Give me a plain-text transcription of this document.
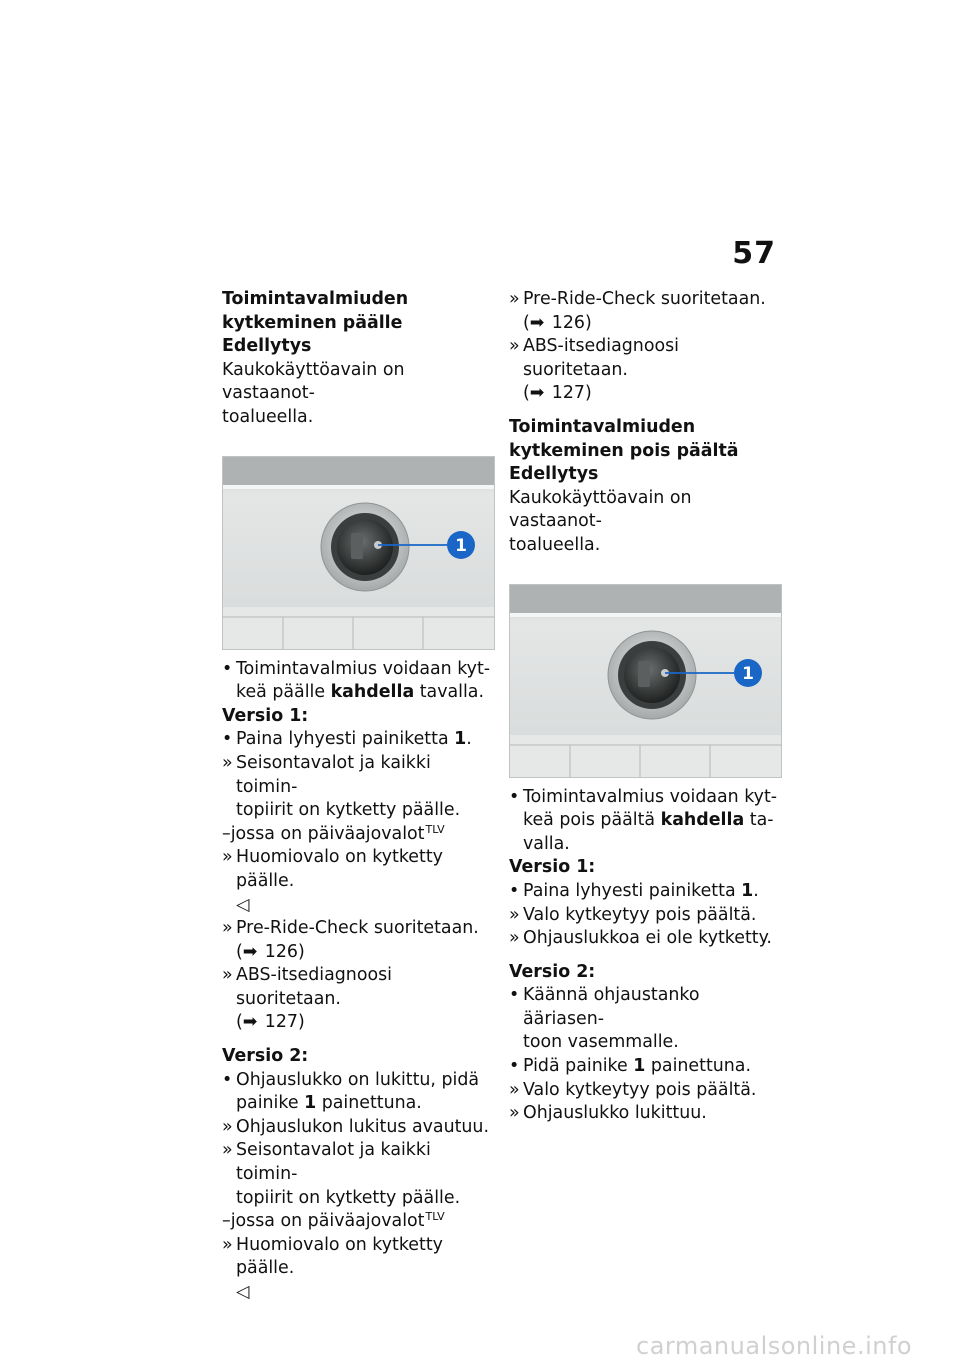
57

Toimintavalmiuden
kytkeminen päälle

Edellytys

Kaukokäyttöavain on vastaanot-
toalueella.

1

• Toimintavalmius voidaan kyt-
keä päälle kahdella tavalla.

Versio 1:

• Paina lyhyesti painiketta 1.

» Seisontavalot ja kaikki toimin-
topiirit on kytketty päälle.

–jossa on päiväajovalot$^{TLV}$

» Huomiovalo on kytketty päälle.

◁

» Pre-Ride-Check suoritetaan.
(➡ 126)

» ABS-itsediagnoosi suoritetaan.
(➡ 127)

Versio 2:

• Ohjauslukko on lukittu, pidä
painike 1 painettuna.

» Ohjauslukon lukitus avautuu.

» Seisontavalot ja kaikki toimin-
topiirit on kytketty päälle.

–jossa on päiväajovalot$^{TLV}$

» Huomiovalo on kytketty päälle.

◁

» Pre-Ride-Check suoritetaan.
(➡ 126)

» ABS-itsediagnoosi suoritetaan.
(➡ 127)

Toimintavalmiuden
kytkeminen pois päältä

Edellytys

Kaukokäyttöavain on vastaanot-
toalueella.

1

• Toimintavalmius voidaan kyt-
keä pois päältä kahdella ta-
valla.

Versio 1:

• Paina lyhyesti painiketta 1.

» Valo kytkeytyy pois päältä.

» Ohjauslukkoa ei ole kytketty.

Versio 2:

• Käännä ohjaustanko ääriasen-
toon vasemmalle.

• Pidä painike 1 painettuna.

» Valo kytkeytyy pois päältä.

» Ohjauslukko lukittuu.

carmanualsonline.info
